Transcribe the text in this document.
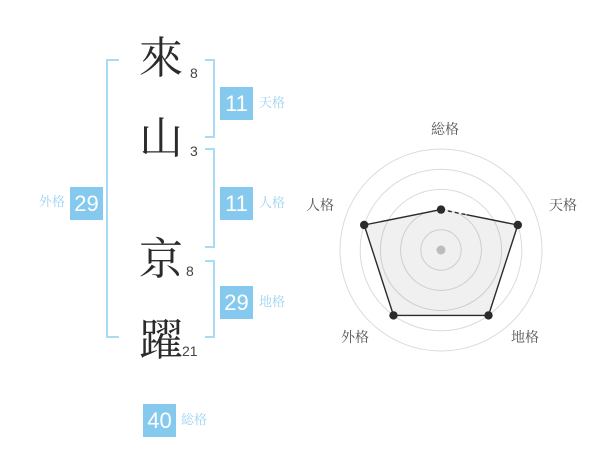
來
山
京
躍
8
3
8
21
11 天格
11 人格
29 地格
外格 29
40 総格
総格
天格
地格
外格
人格
